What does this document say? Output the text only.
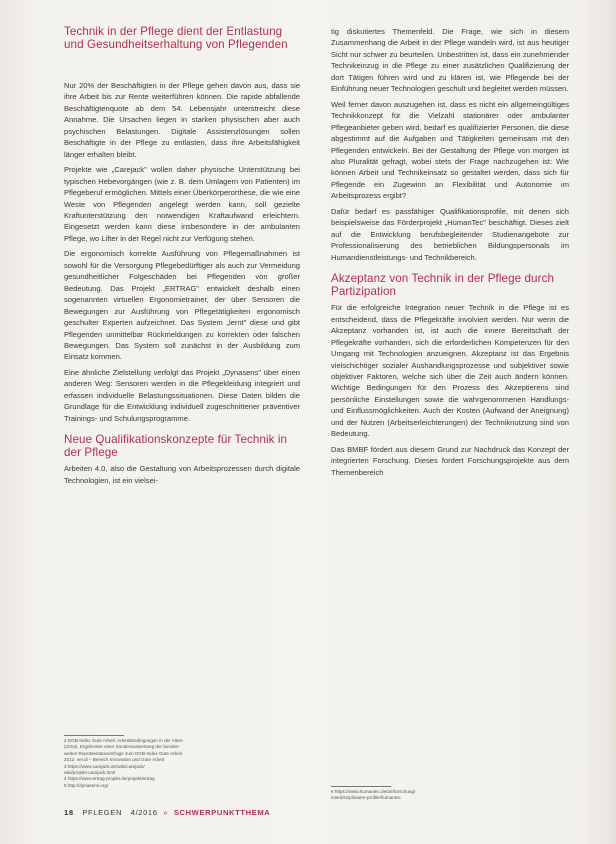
Technik in der Pflege dient der Entlastung und Gesundheitserhaltung von Pflegenden

Nur 20% der Beschäftigten in der Pflege gehen davon aus, dass sie ihre Arbeit bis zur Rente weiterführen können. Die rapide abfallende Beschäftigtenquote ab dem 54. Lebensjahr unterstreicht diese Annahme. Die Ursachen liegen in starken physischen aber auch psychischen Belastungen. Digitale Assistenzlösungen sollen Beschäftigte in der Pflege zu entlasten, dass ihre Arbeitsfähigkeit länger erhalten bleibt.

Projekte wie „Carejack" wollen daher physische Unterstützung bei typischen Hebevorgängen (wie z. B. dem Umlagern von Patienten) im Pflegeberuf ermöglichen. Mittels einer Überkörperorthese, die wie eine Weste von Pflegenden angelegt werden kann, soll gezielte Kraftunterstützung den notwendigen Kraftaufwand erleichtern. Eingesetzt werden kann diese insbesondere in der ambulanten Pflege, wo Lifter in der Regel nicht zur Verfügung stehen.

Die ergonomisch korrekte Ausführung von Pflegemaßnahmen ist sowohl für die Versorgung Pflegebedürftiger als auch zur Vermeidung gesundheitlicher Folgeschäden bei Pflegenden von großer Bedeutung. Das Projekt „ERTRAG" entwickelt deshalb einen sogenannten virtuellen Ergonomietrainer, der über Sensoren die Bewegungen zur Ausführung von Pflegetätigkeiten ergonomisch geschulter Experten aufzeichnet. Das System „lernt" diese und gibt Pflegenden unmittelbar Rückmeldungen zu korrekten oder falschen Bewegungen. Das System soll zunächst in der Ausbildung zum Einsatz kommen.

Eine ähnliche Zielstellung verfolgt das Projekt „Dynasens" über einen anderen Weg: Sensoren werden in die Pflegekleidung integriert und erfassen individuelle Belastungssituationen. Diese Daten bilden die Grundlage für die Entwicklung individuell zugeschnittener präventiver Trainings- und Schulungsprogramme.

Neue Qualifikationskonzepte für Technik in der Pflege

Arbeiten 4.0, also die Gestaltung von Arbeitsprozessen durch digitale Technologien, ist ein vielsei-

tig diskutiertes Themenfeld. Die Frage, wie sich in diesem Zusammenhang die Arbeit in der Pflege wandeln wird, ist aus heutiger Sicht nur schwer zu beurteilen. Unbestritten ist, dass ein zunehmender Technikeinzug in die Pflege zu einer zusätzlichen Qualifizierung der dort Tätigen führen wird und zu klären ist, wie Pflegende bei der Einführung neuer Technologien geschult und begleitet werden müssen.

Weil ferner davon auszugehen ist, dass es nicht ein allgemeingültiges Technikkonzept für die Vielzahl stationärer oder ambulanter Pflegeanbieter geben wird, bedarf es qualifizierter Personen, die diese abgestimmt auf die Aufgaben und Tätigkeiten gemeinsam mit den Pflegenden entwickeln. Bei der Gestaltung der Pflege von morgen ist also Pluralität gefragt, wobei stets der Frage nachzugehen ist: Wie können Arbeit und Technikeinsatz so gestaltet werden, dass sich für Pflegende ein Zugewinn an Flexibilität und Autonomie im Arbeitsprozess ergibt?

Dafür bedarf es passfähiger Qualifikationsprofile, mit denen sich beispielsweise das Förderprojekt „HumanTec" beschäftigt. Dieses zielt auf die Entwicklung berufsbegleitender Studienangebote zur Professionalisierung des betrieblichen Bildungspersonals im Humandienstleistungs- und Technikbereich.

Akzeptanz von Technik in der Pflege durch Partizipation

Für die erfolgreiche Integration neuer Technik in die Pflege ist es entscheidend, dass die Pflegekräfte involviert werden. Nur wenn die Akzeptanz vorhanden ist, ist auch die innere Bereitschaft der Pflegekräfte vorhanden, sich die erforderlichen Kompetenzen für den Umgang mit Technologien anzueignen. Akzeptanz ist das Ergebnis vielschichtiger sozialer Aushandlungsprozesse und subjektiver sowie objektiver Faktoren, welche sich über die Zeit auch ändern können. Wichtige Bedingungen für den Prozess des Akzeptierens sind persönliche Einstellungen sowie die wahrgenommenen Handlungs- und Einflussmöglichkeiten. Auch der Kosten (Aufwand der Aneignung) und der Nutzen (Arbeitserleichterungen) der Techniknutzung sind von Bedeutung.

Das BMBF fördert aus diesem Grund zur Nachdruck das Konzept der integrierten Forschung. Dieses fordert Forschungsprojekte aus dem Themenbereich

2 DGB-Index Gute Arbeit: Arbeitsbedingungen in der Alten-
(2018). Ergebnisse einer Sonderauswertung der bundes-
weiten Repräsentativumfrage zum DGB-Index Gute Arbeit
2012. ver.di – Bereich Innovation und Gute Arbeit
3 https://www.carejack.de/wiki/carejack/
wiki/projekt-carejack.html
4 https://www.ertrag-projekt.de/projekt/ertrag
5 http://dynasens.org/
6 https://www.humantec.de/de/forschung/
interdisziplinaere-profile/humantec
18 PFLEGEN 4/2016 » SCHWERPUNKTTHEMA
